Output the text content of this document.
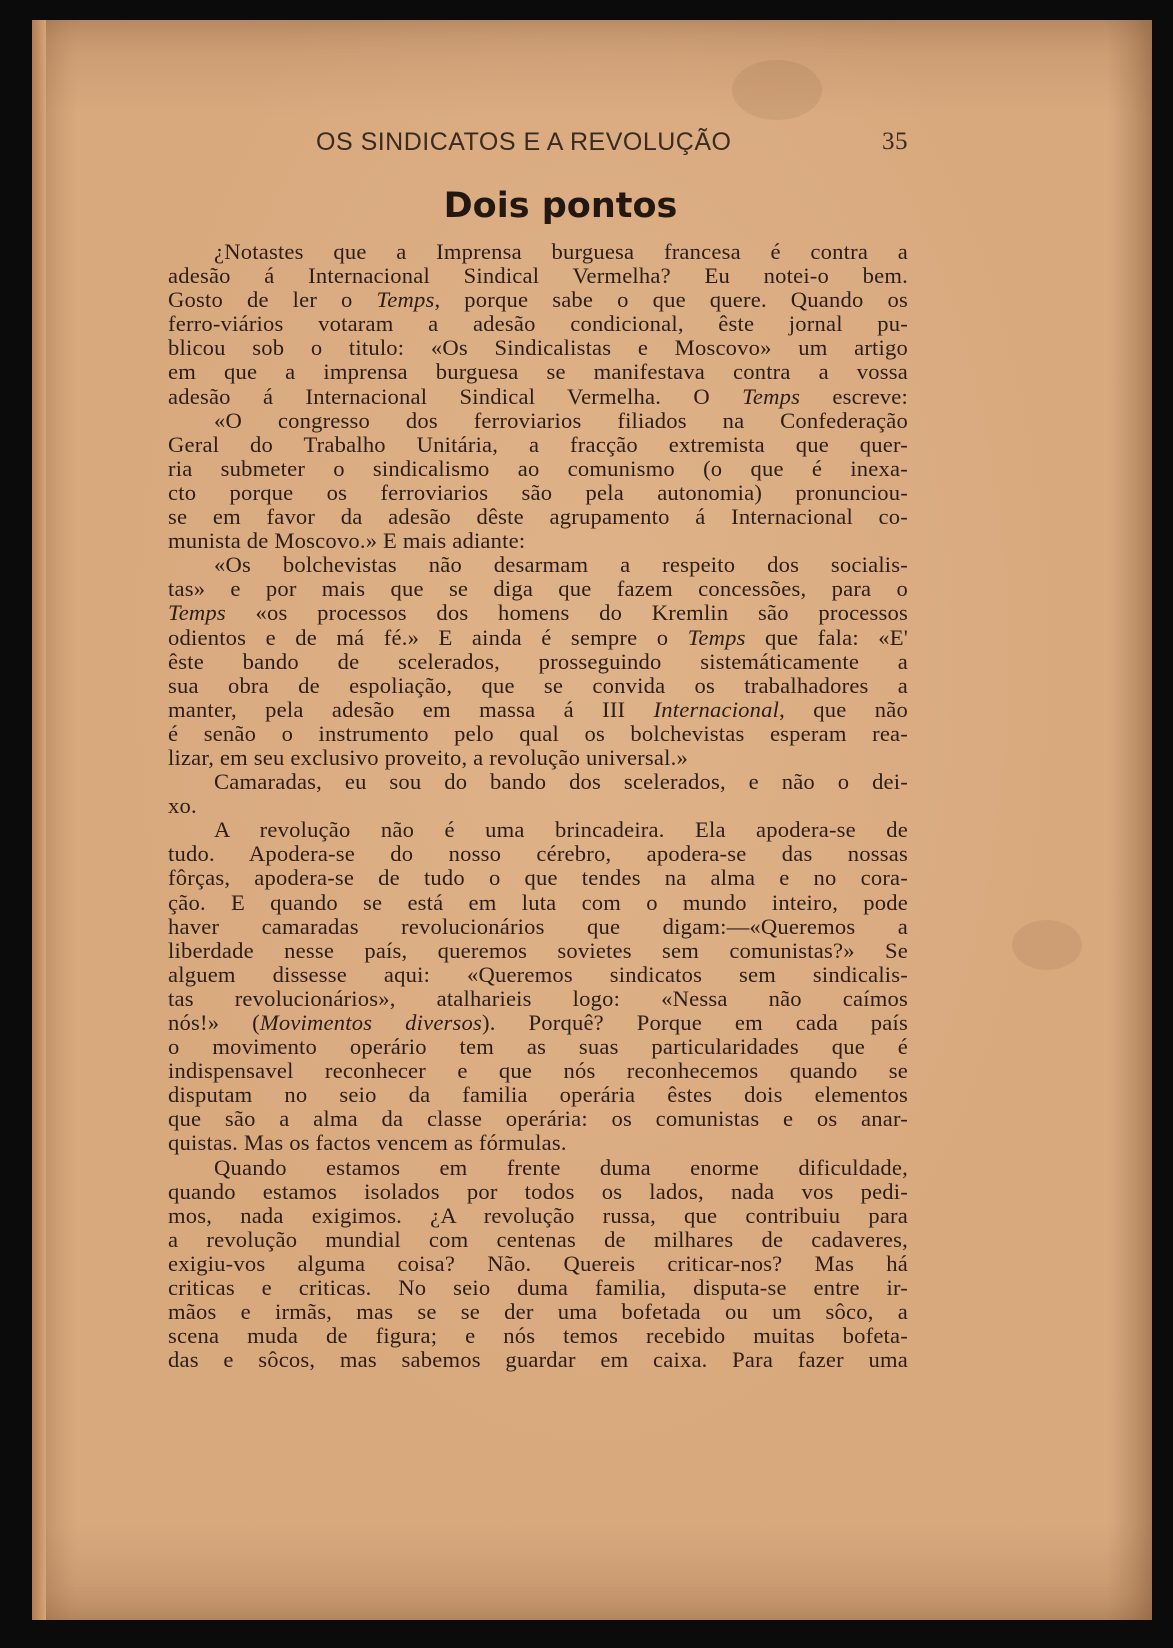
OS SINDICATOS E A REVOLUÇÃO	35
Dois pontos
¿Notastes que a Imprensa burguesa francesa é contra a
adesão á Internacional Sindical Vermelha? Eu notei-o bem.
Gosto de ler o Temps, porque sabe o que quere. Quando os
ferro-viários votaram a adesão condicional, êste jornal pu-
blicou sob o titulo: «Os Sindicalistas e Moscovo» um artigo
em que a imprensa burguesa se manifestava contra a vossa
adesão á Internacional Sindical Vermelha. O Temps escreve:
«O congresso dos ferroviarios filiados na Confederação
Geral do Trabalho Unitária, a fracção extremista que quer-
ria submeter o sindicalismo ao comunismo (o que é inexa-
cto porque os ferroviarios são pela autonomia) pronunciou-
se em favor da adesão dêste agrupamento á Internacional co-
munista de Moscovo.» E mais adiante:
«Os bolchevistas não desarmam a respeito dos socialis-
tas» e por mais que se diga que fazem concessões, para o
Temps «os processos dos homens do Kremlin são processos
odientos e de má fé.» E ainda é sempre o Temps que fala: «E'
êste bando de scelerados, prosseguindo sistemáticamente a
sua obra de espoliação, que se convida os trabalhadores a
manter, pela adesão em massa á III Internacional, que não
é senão o instrumento pelo qual os bolchevistas esperam rea-
lizar, em seu exclusivo proveito, a revolução universal.»
Camaradas, eu sou do bando dos scelerados, e não o dei-
xo.
A revolução não é uma brincadeira. Ela apodera-se de
tudo. Apodera-se do nosso cérebro, apodera-se das nossas
fôrças, apodera-se de tudo o que tendes na alma e no cora-
ção. E quando se está em luta com o mundo inteiro, pode
haver camaradas revolucionários que digam:—«Queremos a
liberdade nesse país, queremos sovietes sem comunistas?» Se
alguem dissesse aqui: «Queremos sindicatos sem sindicalis-
tas revolucionários», atalharieis logo: «Nessa não caímos
nós!» (Movimentos diversos). Porquê? Porque em cada país
o movimento operário tem as suas particularidades que é
indispensavel reconhecer e que nós reconhecemos quando se
disputam no seio da familia operária êstes dois elementos
que são a alma da classe operária: os comunistas e os anar-
quistas. Mas os factos vencem as fórmulas.
Quando estamos em frente duma enorme dificuldade,
quando estamos isolados por todos os lados, nada vos pedi-
mos, nada exigimos. ¿A revolução russa, que contribuiu para
a revolução mundial com centenas de milhares de cadaveres,
exigiu-vos alguma coisa? Não. Quereis criticar-nos? Mas há
criticas e criticas. No seio duma familia, disputa-se entre ir-
mãos e irmãs, mas se se der uma bofetada ou um sôco, a
scena muda de figura; e nós temos recebido muitas bofeta-
das e sôcos, mas sabemos guardar em caixa. Para fazer uma
